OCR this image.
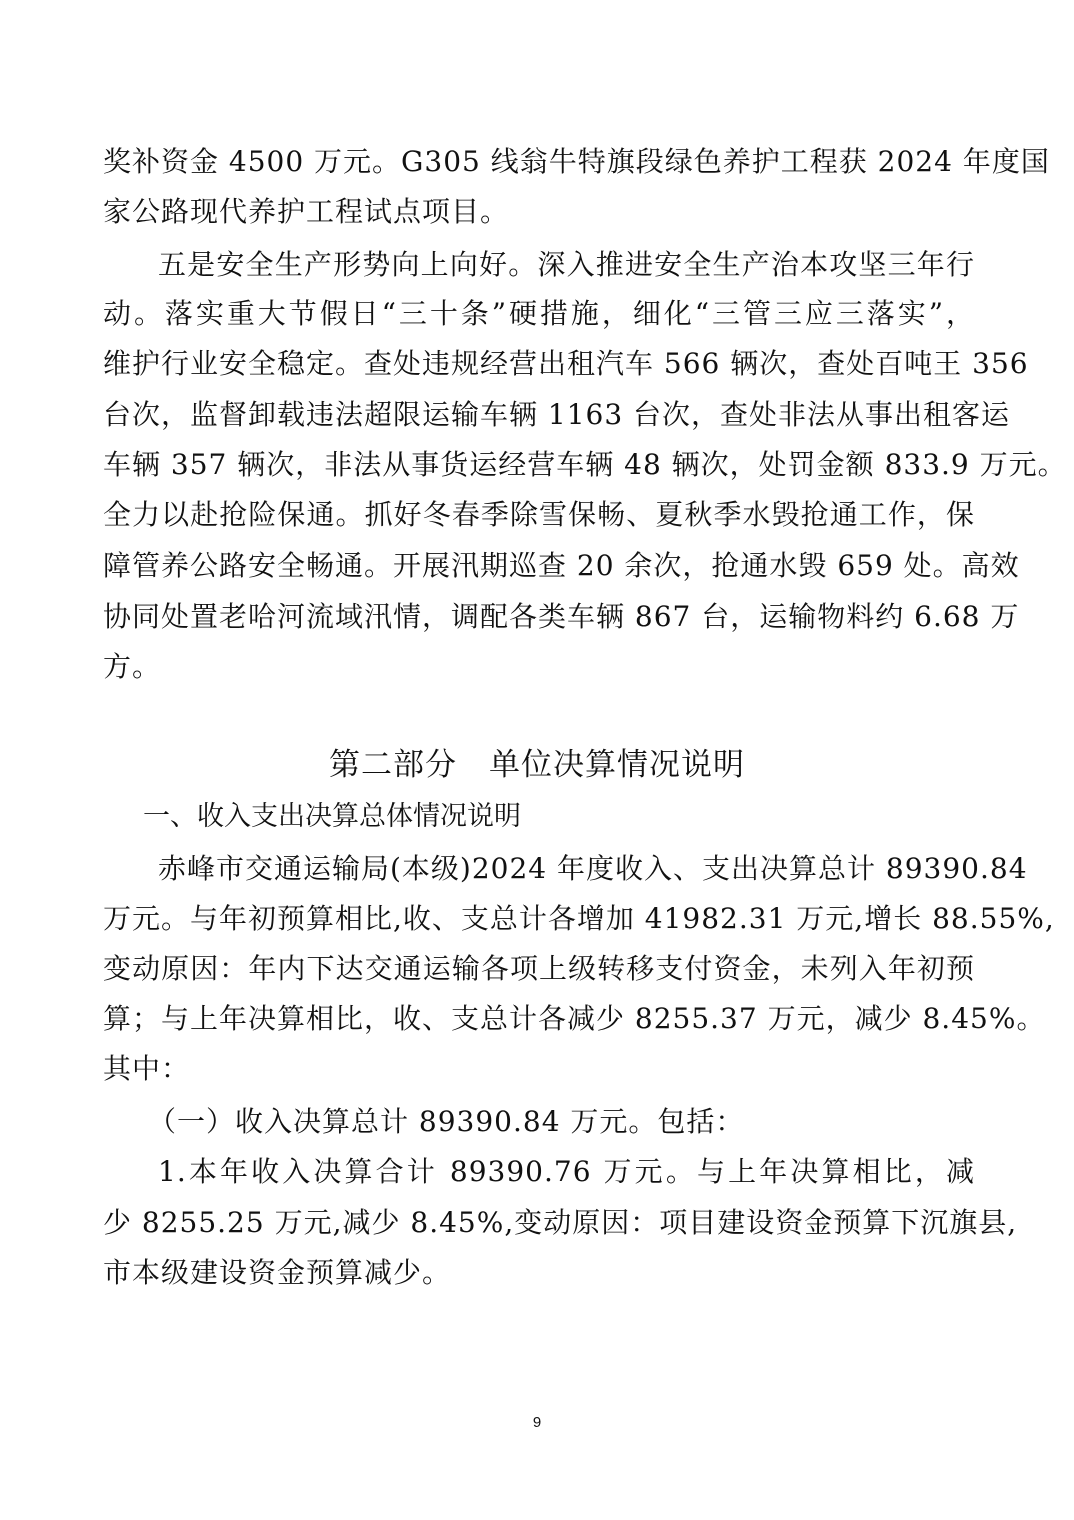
奖补资金 4500 万元。G305 线翁牛特旗段绿色养护工程获 2024 年度国
家公路现代养护工程试点项目。
五是安全生产形势向上向好。深入推进安全生产治本攻坚三年行
动。落实重大节假日“三十条”硬措施，细化“三管三应三落实”，
维护行业安全稳定。查处违规经营出租汽车 566 辆次，查处百吨王 356
台次，监督卸载违法超限运输车辆 1163 台次，查处非法从事出租客运
车辆 357 辆次，非法从事货运经营车辆 48 辆次，处罚金额 833.9 万元。
全力以赴抢险保通。抓好冬春季除雪保畅、夏秋季水毁抢通工作，保
障管养公路安全畅通。开展汛期巡查 20 余次，抢通水毁 659 处。高效
协同处置老哈河流域汛情，调配各类车辆 867 台，运输物料约 6.68 万
方。
第二部分　单位决算情况说明
一、收入支出决算总体情况说明
赤峰市交通运输局(本级)2024 年度收入、支出决算总计 89390.84
万元。与年初预算相比,收、支总计各增加 41982.31 万元,增长 88.55%,
变动原因：年内下达交通运输各项上级转移支付资金，未列入年初预
算；与上年决算相比，收、支总计各减少 8255.37 万元，减少 8.45%。
其中：
（一）收入决算总计 89390.84 万元。包括：
1.本年收入决算合计 89390.76 万元。与上年决算相比，减
少 8255.25 万元,减少 8.45%,变动原因：项目建设资金预算下沉旗县,
市本级建设资金预算减少。
9
